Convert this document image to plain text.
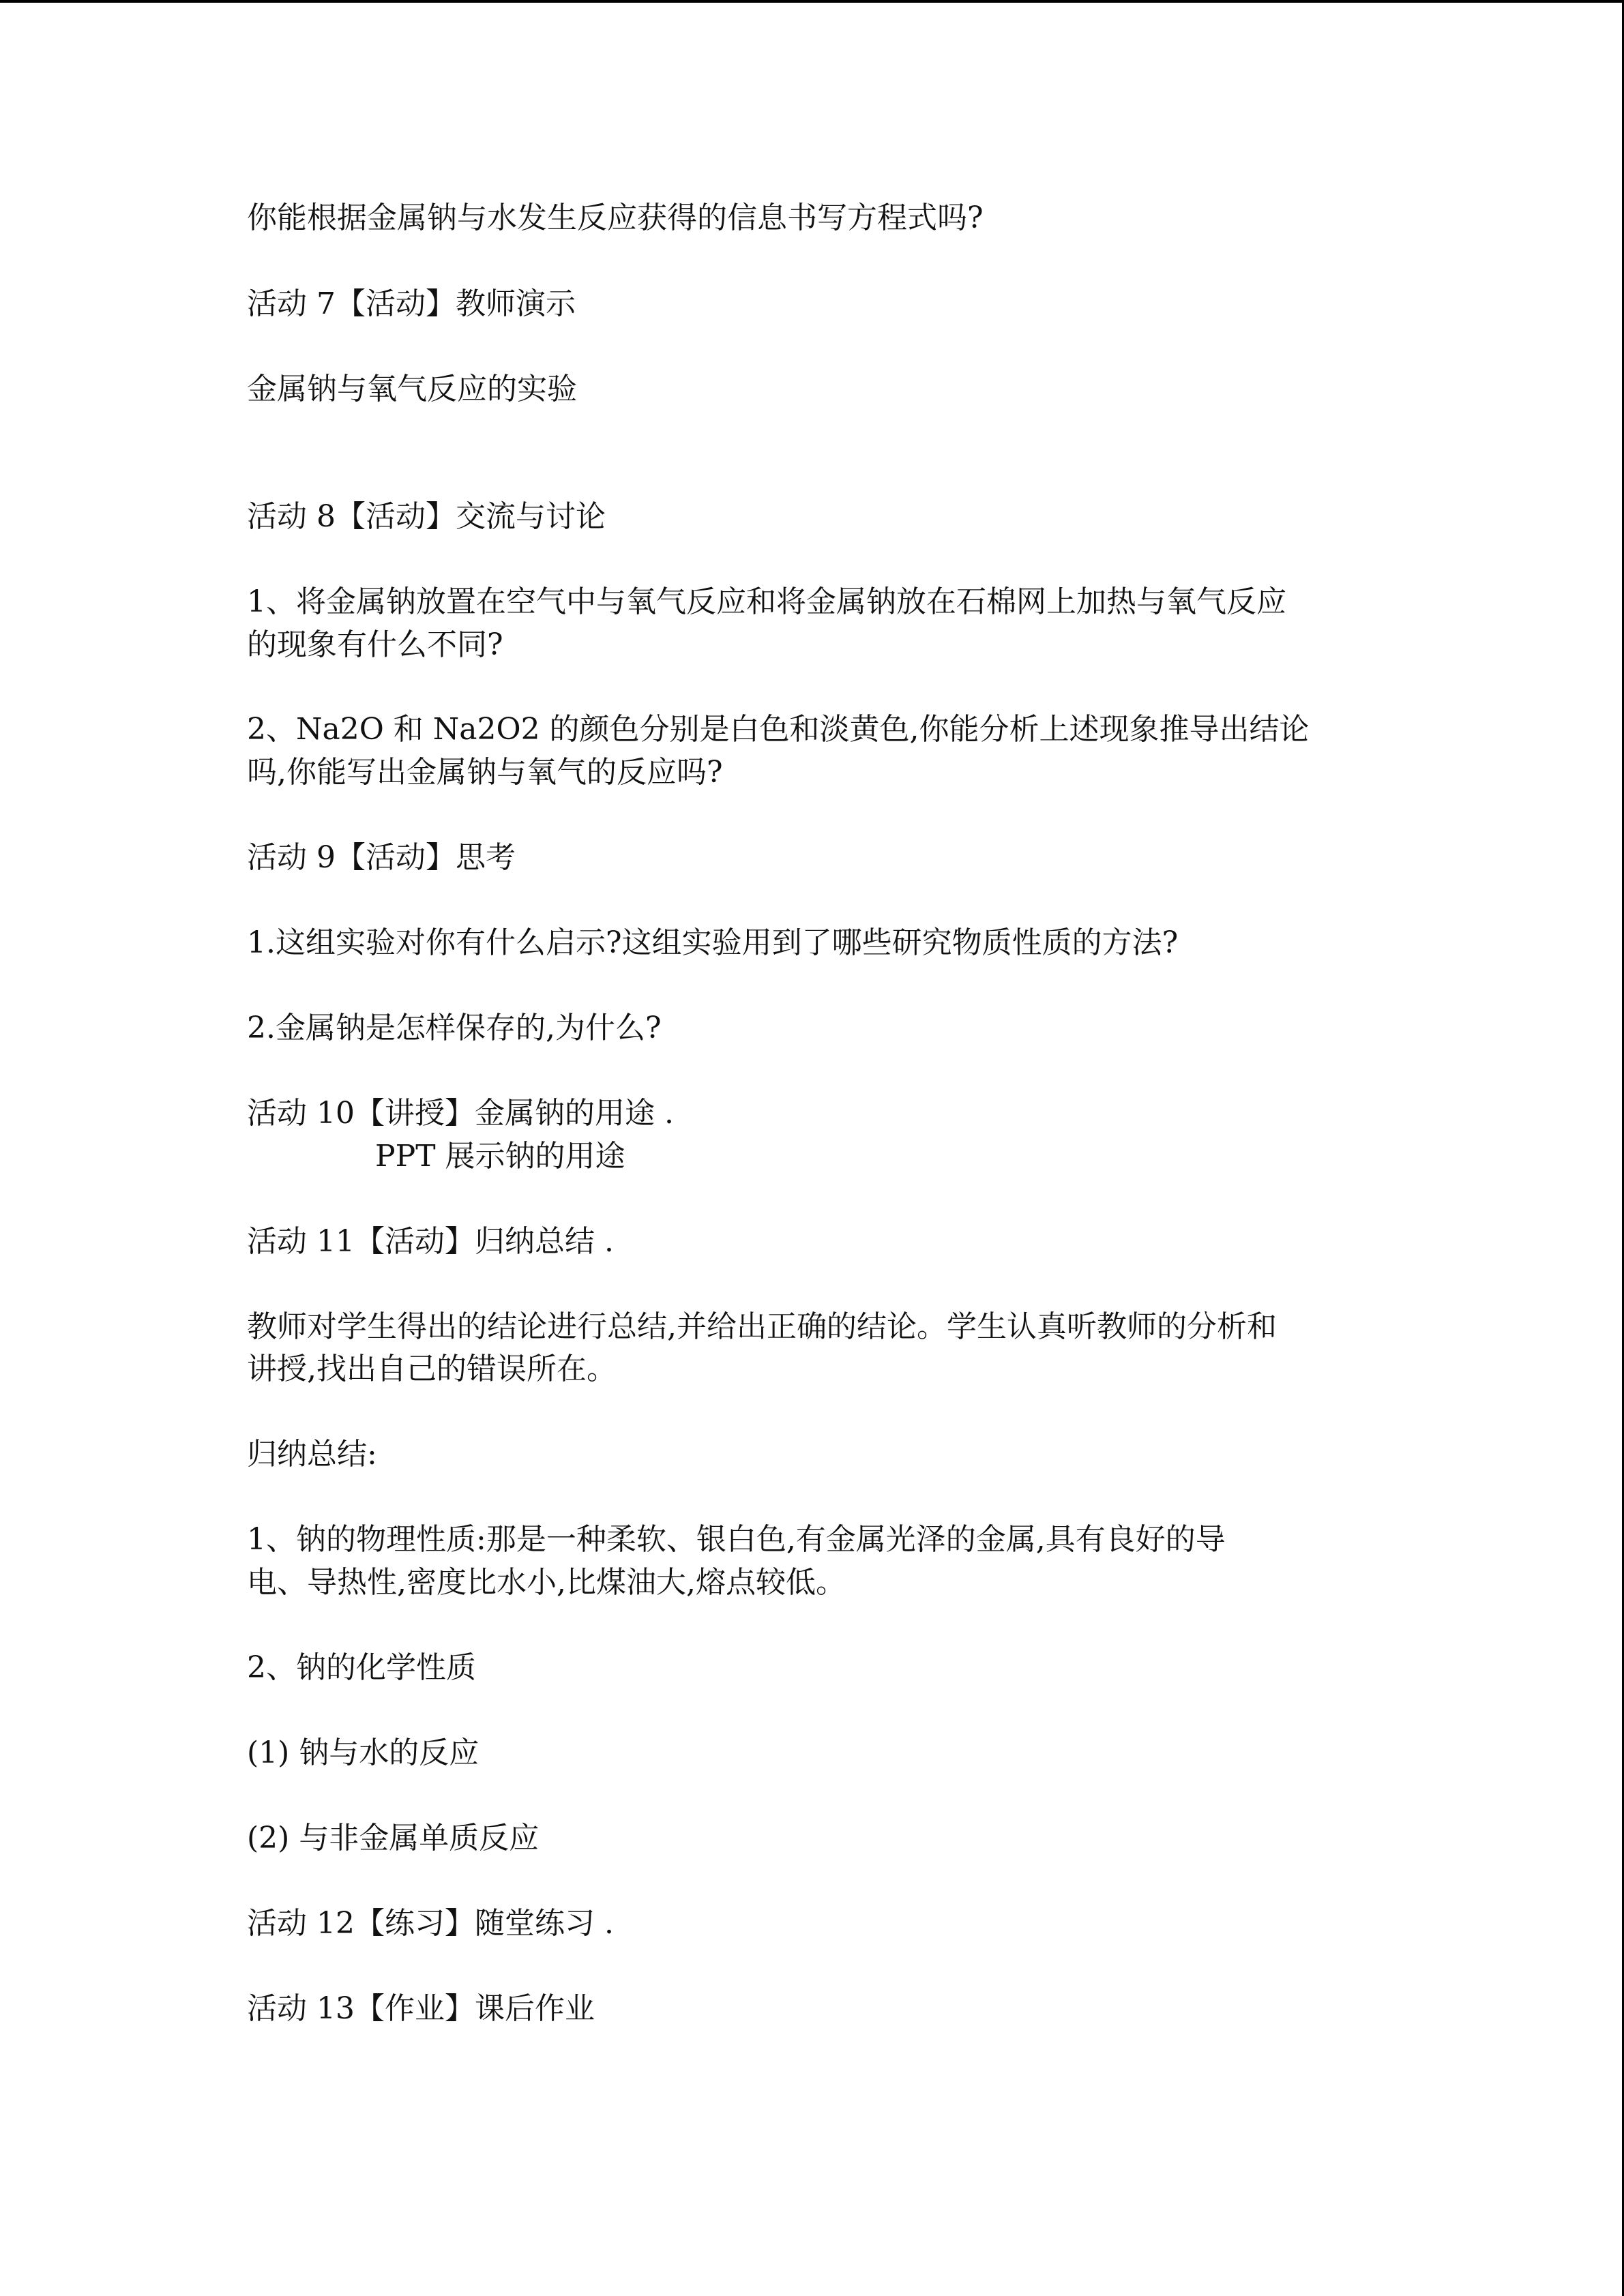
你能根据金属钠与水发生反应获得的信息书写方程式吗?
活动 7【活动】教师演示
金属钠与氧气反应的实验
活动 8【活动】交流与讨论
1、将金属钠放置在空气中与氧气反应和将金属钠放在石棉网上加热与氧气反应
的现象有什么不同?
2、Na2O 和 Na2O2 的颜色分别是白色和淡黄色,你能分析上述现象推导出结论
吗,你能写出金属钠与氧气的反应吗?
活动 9【活动】思考
1.这组实验对你有什么启示?这组实验用到了哪些研究物质性质的方法?
2.金属钠是怎样保存的,为什么?
活动 10【讲授】金属钠的用途 .
PPT 展示钠的用途
活动 11【活动】归纳总结 .
教师对学生得出的结论进行总结,并给出正确的结论。学生认真听教师的分析和
讲授,找出自己的错误所在。
归纳总结:
1、钠的物理性质:那是一种柔软、银白色,有金属光泽的金属,具有良好的导
电、导热性,密度比水小,比煤油大,熔点较低。
2、钠的化学性质
(1) 钠与水的反应
(2) 与非金属单质反应
活动 12【练习】随堂练习 .
活动 13【作业】课后作业
